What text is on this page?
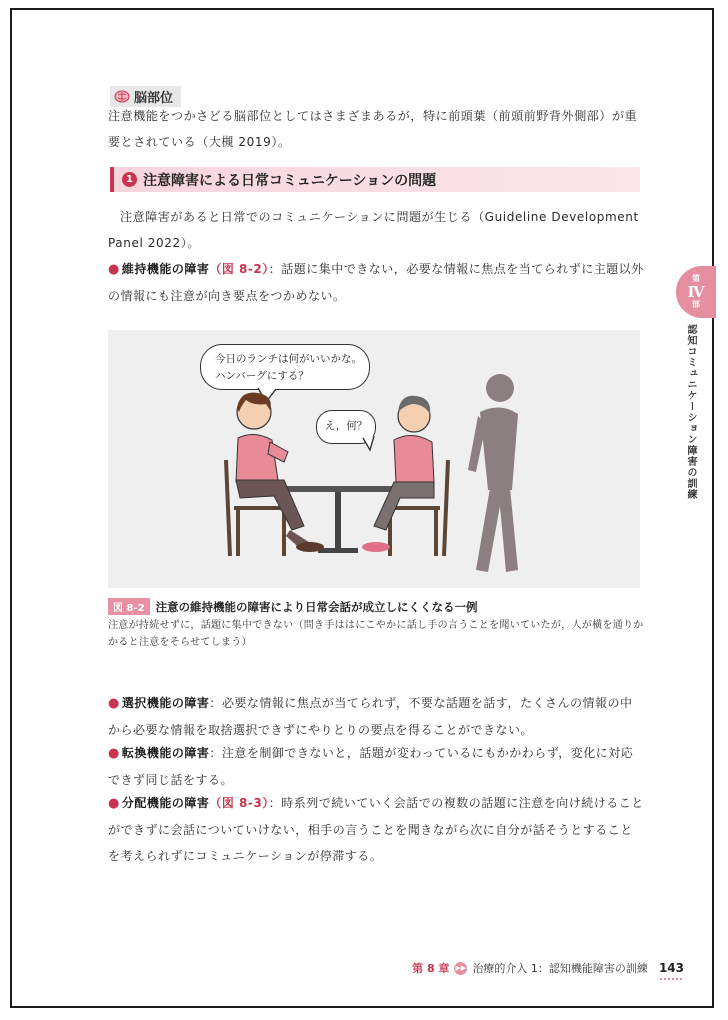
脳部位
注意機能をつかさどる脳部位としてはさまざまあるが，特に前頭葉（前頭前野背外側部）が重要とされている（大槻 2019）。
1 注意障害による日常コミュニケーションの問題
注意障害があると日常でのコミュニケーションに問題が生じる（Guideline Development Panel 2022）。
● 維持機能の障害（図 8-2）：話題に集中できない，必要な情報に焦点を当てられずに主題以外の情報にも注意が向き要点をつかめない。
今日のランチは何がいいかな。
ハンバーグにする？
え，何？
図 8-2 注意の維持機能の障害により日常会話が成立しにくくなる一例
注意が持続せずに，話題に集中できない（問き手ははにこやかに話し手の言うことを聞いていたが，人が横を通りかかると注意をそらせてしまう）
● 選択機能の障害：必要な情報に焦点が当てられず，不要な話題を話す，たくさんの情報の中から必要な情報を取捨選択できずにやりとりの要点を得ることができない。
● 転換機能の障害：注意を制御できないと，話題が変わっているにもかかわらず，変化に対応できず同じ話をする。
● 分配機能の障害（図 8-3）：時系列で続いていく会話での複数の話題に注意を向け続けることができずに会話についていけない，相手の言うことを聞きながら次に自分が話そうとすることを考えられずにコミュニケーションが停滞する。
第
Ⅳ
部
認知コミュニケーション障害の訓練
第 8 章 ▶▶ 治療的介入 1：認知機能障害の訓練 143
